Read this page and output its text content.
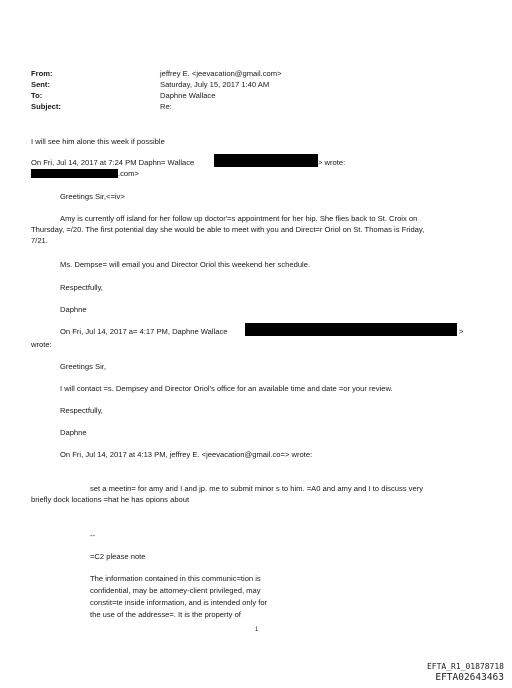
From:
Sent:
To:
Subject:
jeffrey E. <jeevacation@gmail.com>
Saturday, July 15, 2017 1:40 AM
Daphne Wallace
Re:
I will see him alone this week if possible
On Fri, Jul 14, 2017 at 7:24 PM Daphn= Wallace	> wrote:
.com>
Greetings Sir,<=iv>
Amy is currently off island for her follow up doctor'=s appointment for her hip. She flies back to St. Croix on
Thursday, =/20. The first potential day she would be able to meet with you and Direct=r Oriol on St. Thomas is Friday,
7/21.
Ms. Dempse= will email you and Director Oriol this weekend her schedule.
Respectfully,
Daphne
On Fri, Jul 14, 2017 a= 4:17 PM, Daphne Wallace	>
wrote:
Greetings Sir,
I will contact =s. Dempsey and Director Oriol's office for an available time and date =or your review.
Respectfully,
Daphne
On Fri, Jul 14, 2017 at 4:13 PM, jeffrey E. <jeevacation@gmail.co=> wrote:
set a meetin= for amy and I and jp. me to submit minor s to him. =A0 and amy and I to discuss very
briefly dock locations =hat he has opions about
--
=C2 please note
The information contained in this communic=tion is
confidential, may be attorney-client privileged, may
constit=te inside information, and is intended only for
the use of the addresse=. It is the property of
1
EFTA_R1_01878718
EFTA02643463
